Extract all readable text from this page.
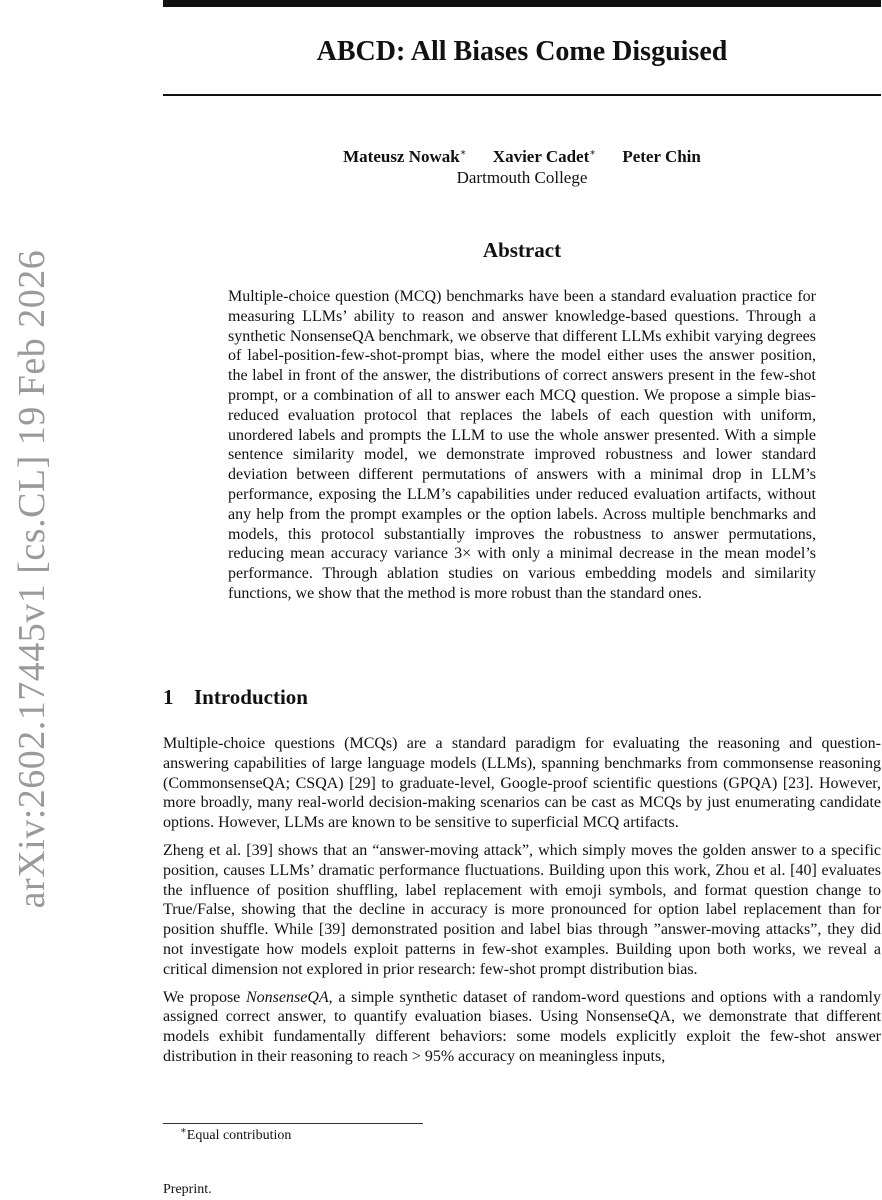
ABCD: All Biases Come Disguised
Mateusz Nowak∗ Xavier Cadet∗ Peter Chin
Dartmouth College
Abstract

Multiple-choice question (MCQ) benchmarks have been a standard evaluation practice for measuring LLMs’ ability to reason and answer knowledge-based questions. Through a synthetic NonsenseQA benchmark, we observe that different LLMs exhibit varying degrees of label-position-few-shot-prompt bias, where the model either uses the answer position, the label in front of the answer, the distributions of correct answers present in the few-shot prompt, or a combination of all to answer each MCQ question. We propose a simple bias-reduced evaluation protocol that replaces the labels of each question with uniform, unordered labels and prompts the LLM to use the whole answer presented. With a simple sentence similarity model, we demonstrate improved robustness and lower standard deviation between different permutations of answers with a minimal drop in LLM’s performance, exposing the LLM’s capabilities under reduced evaluation artifacts, without any help from the prompt examples or the option labels. Across multiple benchmarks and models, this protocol substantially improves the robustness to answer permutations, reducing mean accuracy variance 3× with only a minimal decrease in the mean model’s performance. Through ablation studies on various embedding models and similarity functions, we show that the method is more robust than the standard ones.

1 Introduction

Multiple-choice questions (MCQs) are a standard paradigm for evaluating the reasoning and question-answering capabilities of large language models (LLMs), spanning benchmarks from commonsense reasoning (CommonsenseQA; CSQA) [29] to graduate-level, Google-proof scientific questions (GPQA) [23]. However, more broadly, many real-world decision-making scenarios can be cast as MCQs by just enumerating candidate options. However, LLMs are known to be sensitive to superficial MCQ artifacts.

Zheng et al. [39] shows that an “answer-moving attack”, which simply moves the golden answer to a specific position, causes LLMs’ dramatic performance fluctuations. Building upon this work, Zhou et al. [40] evaluates the influence of position shuffling, label replacement with emoji symbols, and format question change to True/False, showing that the decline in accuracy is more pronounced for option label replacement than for position shuffle. While [39] demonstrated position and label bias through ”answer-moving attacks”, they did not investigate how models exploit patterns in few-shot examples. Building upon both works, we reveal a critical dimension not explored in prior research: few-shot prompt distribution bias.

We propose NonsenseQA, a simple synthetic dataset of random-word questions and options with a randomly assigned correct answer, to quantify evaluation biases. Using NonsenseQA, we demonstrate that different models exhibit fundamentally different behaviors: some models explicitly exploit the few-shot answer distribution in their reasoning to reach > 95% accuracy on meaningless inputs,

∗Equal contribution
Preprint.
arXiv:2602.17445v1 [cs.CL] 19 Feb 2026
